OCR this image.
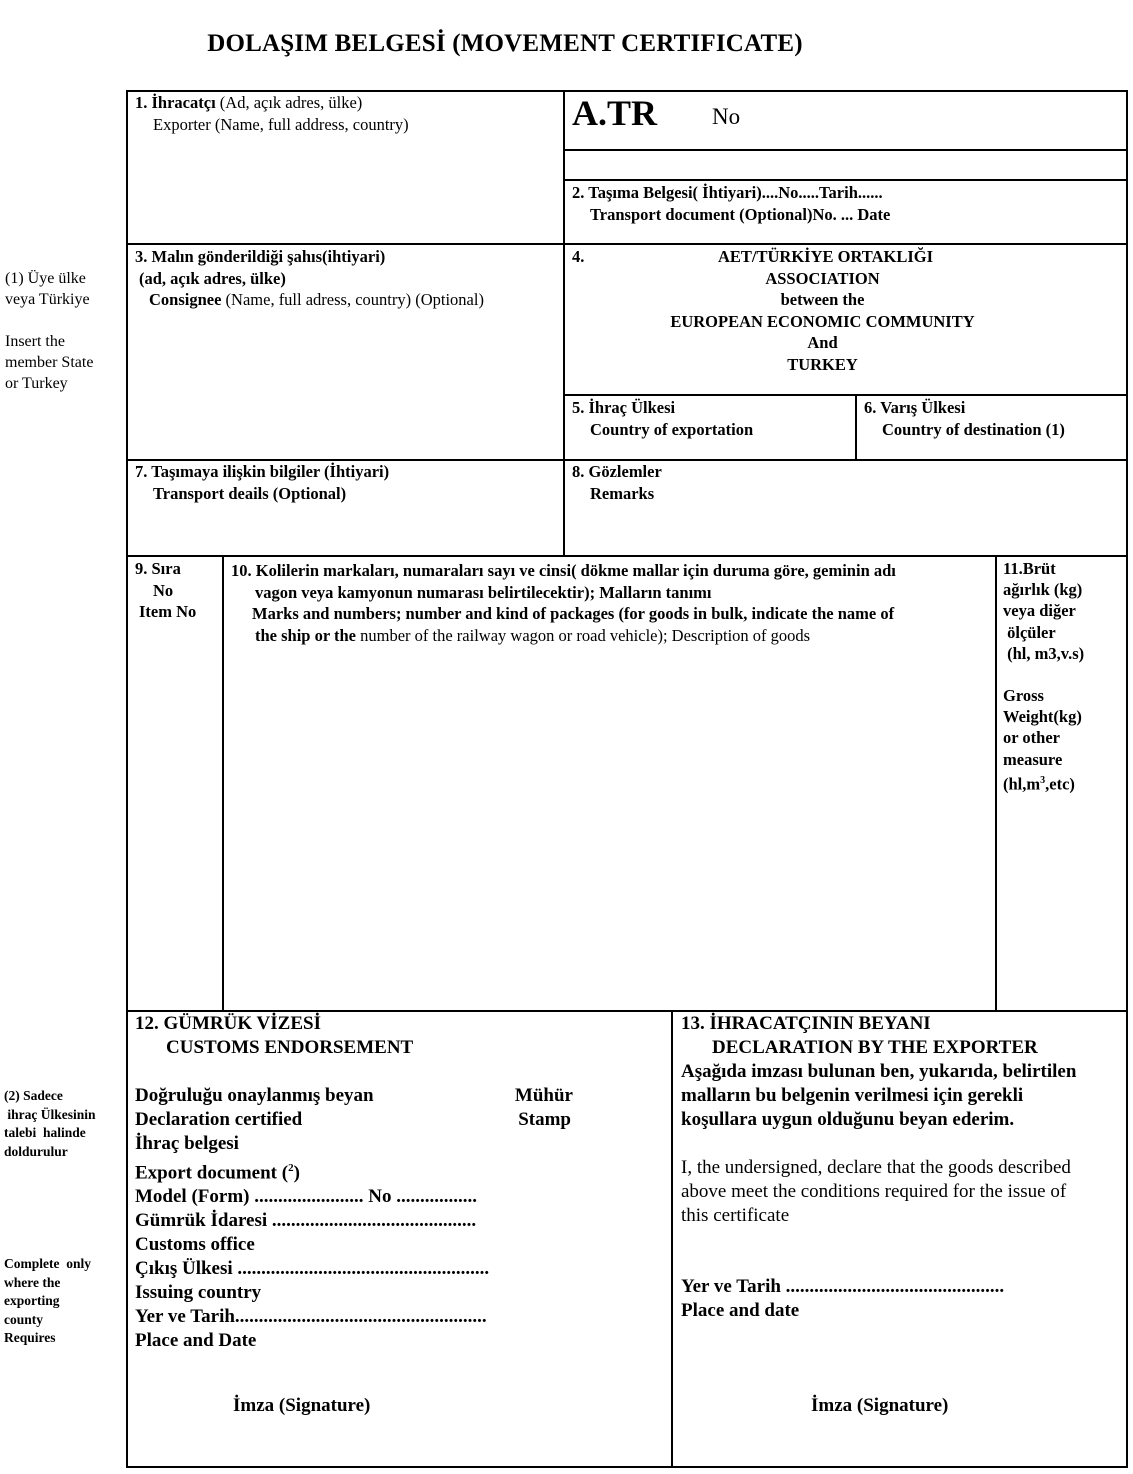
DOLAŞIM BELGESİ (MOVEMENT CERTIFICATE)
(1) Üye ülke
veya Türkiye
Insert the
member State
or Turkey
(2) Sadece
ihraç Ülkesinin
talebi  halinde
doldurulur
Complete  only
where the
exporting
county
Requires
1. İhracatçı (Ad, açık adres, ülke)
Exporter (Name, full address, country)	A.TR No
2. Taşıma Belgesi( İhtiyari)....No.....Tarih......
Transport document (Optional)No. ... Date
3. Malın gönderildiği şahıs(ihtiyari)
(ad, açık adres, ülke)
Consignee (Name, full adress, country) (Optional)
4.	AET/TÜRKİYE ORTAKLIĞI
ASSOCIATION
between the
EUROPEAN ECONOMIC COMMUNITY
And
TURKEY
5. İhraç Ülkesi
Country of exportation
6. Varış Ülkesi
Country of destination (1)
7. Taşımaya ilişkin bilgiler (İhtiyari)
Transport deails (Optional)
8. Gözlemler
Remarks
9. Sıra
No
Item No
10. Kolilerin markaları, numaraları sayı ve cinsi( dökme mallar için duruma göre, geminin adı
vagon veya kamyonun numarası belirtilecektir); Malların tanımı
Marks and numbers; number and kind of packages (for goods in bulk, indicate the name of
the ship or the number of the railway wagon or road vehicle); Description of goods
11.Brüt
ağırlık (kg)
veya diğer
ölçüler
(hl, m3,v.s)
Gross
Weight(kg)
or other
measure
$(hl,m^3,etc)$
12. GÜMRÜK VİZESİ
CUSTOMS ENDORSEMENT
Doğruluğu onaylanmış beyan	Mühür
Declaration certified	Stamp
İhraç belgesi
Export document ($^2$)
Model (Form) ....................... No .................
Gümrük İdaresi ...........................................
Customs office
Çıkış Ülkesi .....................................................
Issuing country
Yer ve Tarih.....................................................
Place and Date
İmza (Signature)
13. İHRACATÇININ BEYANI
DECLARATION BY THE EXPORTER
Aşağıda imzası bulunan ben, yukarıda, belirtilen
malların bu belgenin verilmesi için gerekli
koşullara uygun olduğunu beyan ederim.
I, the undersigned, declare that the goods described
above meet the conditions required for the issue of
this certificate
Yer ve Tarih ..............................................
Place and date
İmza (Signature)
